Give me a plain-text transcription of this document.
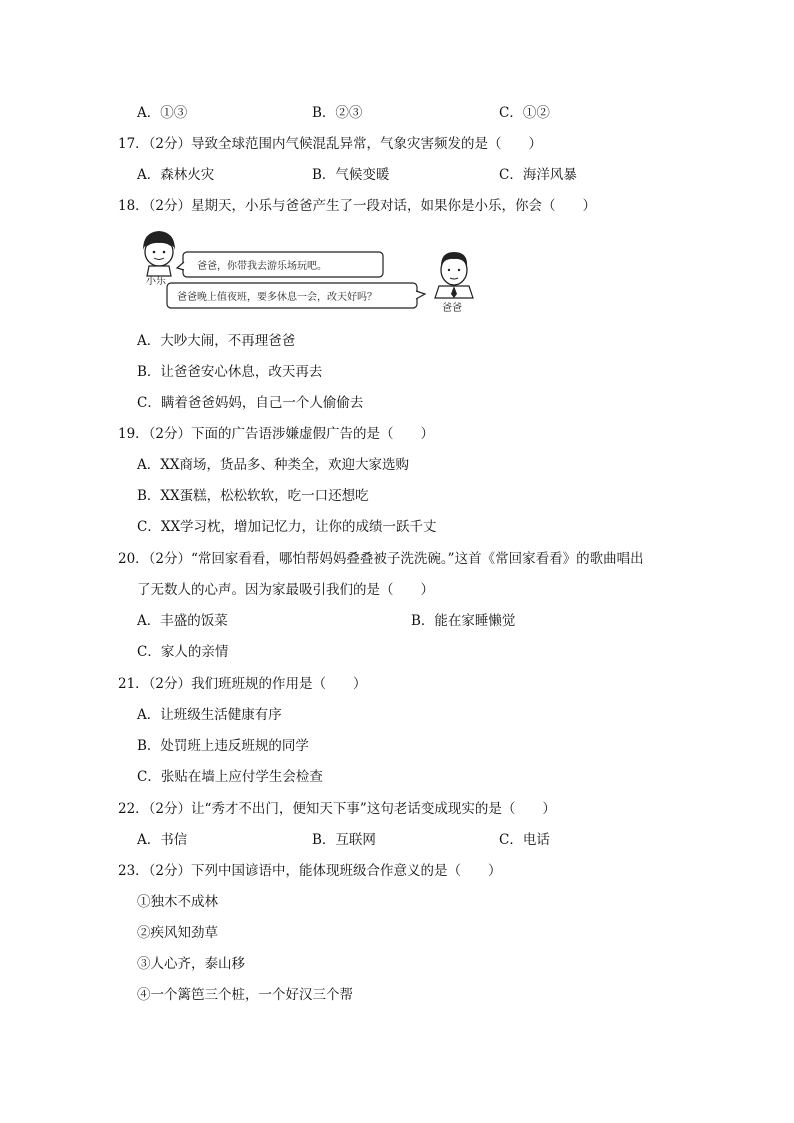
A．①③	B．②③	C．①②
17．（2分）导致全球范围内气候混乱异常，气象灾害频发的是（　　）
A．森林火灾	B．气候变暖	C．海洋风暴
18．（2分）星期天，小乐与爸爸产生了一段对话，如果你是小乐，你会（　　）
小乐
爸爸，你带我去游乐场玩吧。
爸爸晚上值夜班，要多休息一会，改天好吗？
爸爸
A．大吵大闹，不再理爸爸
B．让爸爸安心休息，改天再去
C．瞒着爸爸妈妈，自己一个人偷偷去
19．（2分）下面的广告语涉嫌虚假广告的是（　　）
A．XX商场，货品多、种类全，欢迎大家选购
B．XX蛋糕，松松软软，吃一口还想吃
C．XX学习枕，增加记忆力，让你的成绩一跃千丈
20．（2分）“常回家看看，哪怕帮妈妈叠叠被子洗洗碗。”这首《常回家看看》的歌曲唱出
了无数人的心声。因为家最吸引我们的是（　　）
A．丰盛的饭菜	B．能在家睡懒觉
C．家人的亲情
21．（2分）我们班班规的作用是（　　）
A．让班级生活健康有序
B．处罚班上违反班规的同学
C．张贴在墙上应付学生会检查
22．（2分）让“秀才不出门，便知天下事”这句老话变成现实的是（　　）
A．书信	B．互联网	C．电话
23．（2分）下列中国谚语中，能体现班级合作意义的是（　　）
①独木不成林
②疾风知劲草
③人心齐，泰山移
④一个篱笆三个桩，一个好汉三个帮
